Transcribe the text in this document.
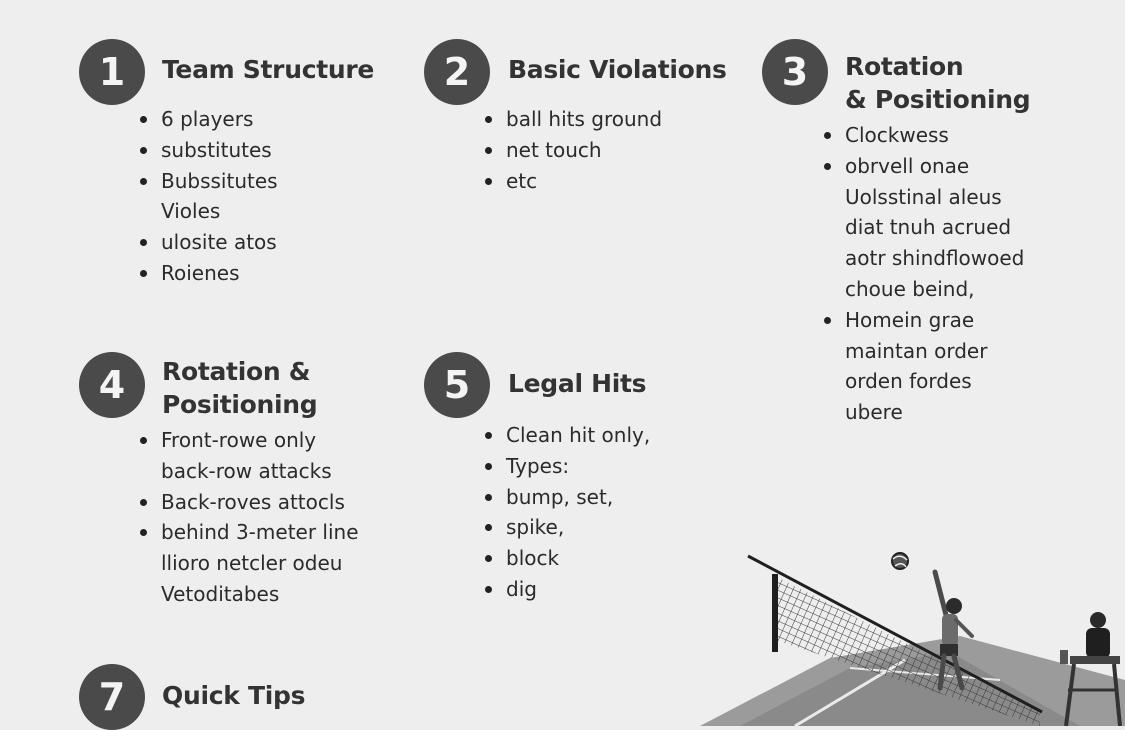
1	Team Structure
6 players
substitutes
Bubssitutes
Violes
ulosite atos
Roienes
2	Basic Violations
ball hits ground
net touch
etc
3	Rotation
& Positioning
Clockwess
obrvell onae
Uolsstinal aleus
diat tnuh acrued
aotr shindflowoed
choue beind,
Homein grae
maintan order
orden fordes
ubere
4	Rotation &
Positioning
Front-rowe only
back-row attacks
Back-roves attocls
behind 3-meter line
llioro netcler odeu
Vetoditabes
5	Legal Hits
Clean hit only,
Types:
bump, set,
spike,
block
dig
7	Quick Tips
